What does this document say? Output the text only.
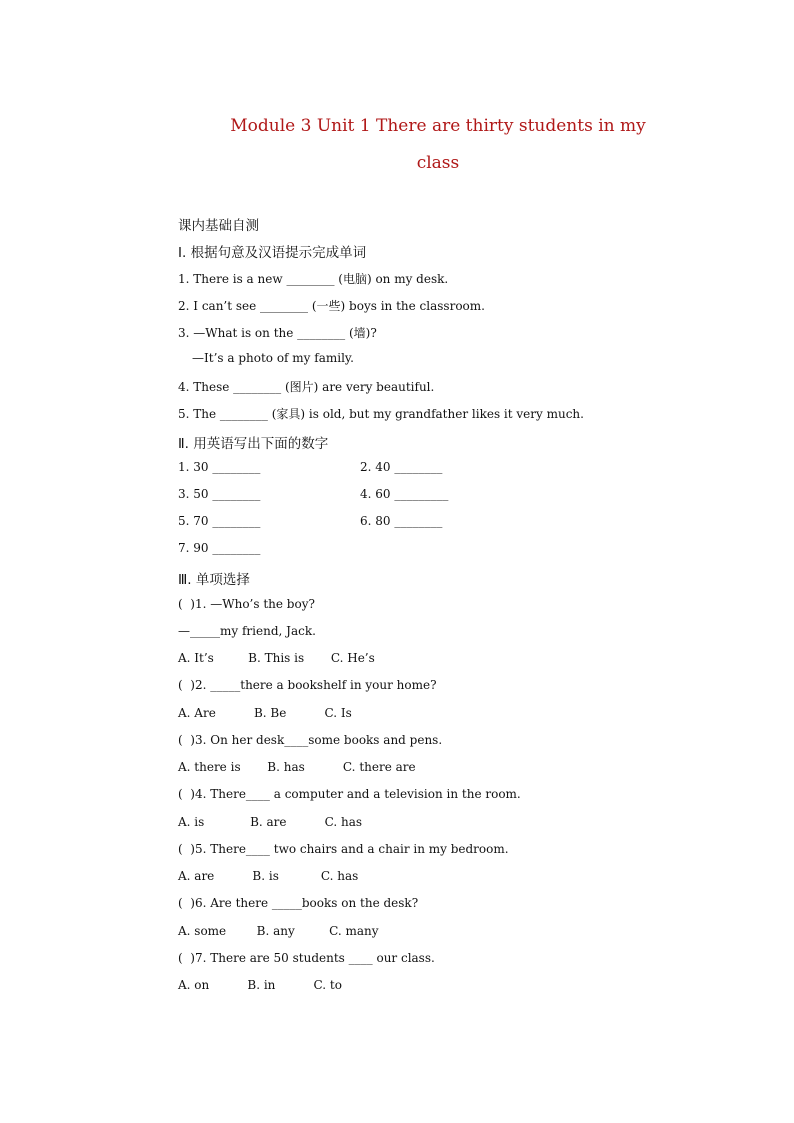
Module 3 Unit 1 There are thirty students in my
class
课内基础自测
Ⅰ. 根据句意及汉语提示完成单词
1. There is a new ________ (电脑) on my desk.
2. I can’t see ________ (一些) boys in the classroom.
3. —What is on the ________ (墙)?
—It’s a photo of my family.
4. These ________ (图片) are very beautiful.
5. The ________ (家具) is old, but my grandfather likes it very much.
Ⅱ. 用英语写出下面的数字
1. 30 ________	2. 40 ________
3. 50 ________	4. 60 _________
5. 70 ________	6. 80 ________
7. 90 ________
Ⅲ. 单项选择
(  )1. —Who’s the boy?
—_____my friend, Jack.
A. It’s         B. This is       C. He’s
(  )2. _____there a bookshelf in your home?
A. Are          B. Be          C. Is
(  )3. On her desk____some books and pens.
A. there is       B. has          C. there are
(  )4. There____ a computer and a television in the room.
A. is            B. are          C. has
(  )5. There____ two chairs and a chair in my bedroom.
A. are          B. is           C. has
(  )6. Are there _____books on the desk?
A. some        B. any         C. many
(  )7. There are 50 students ____ our class.
A. on          B. in          C. to
